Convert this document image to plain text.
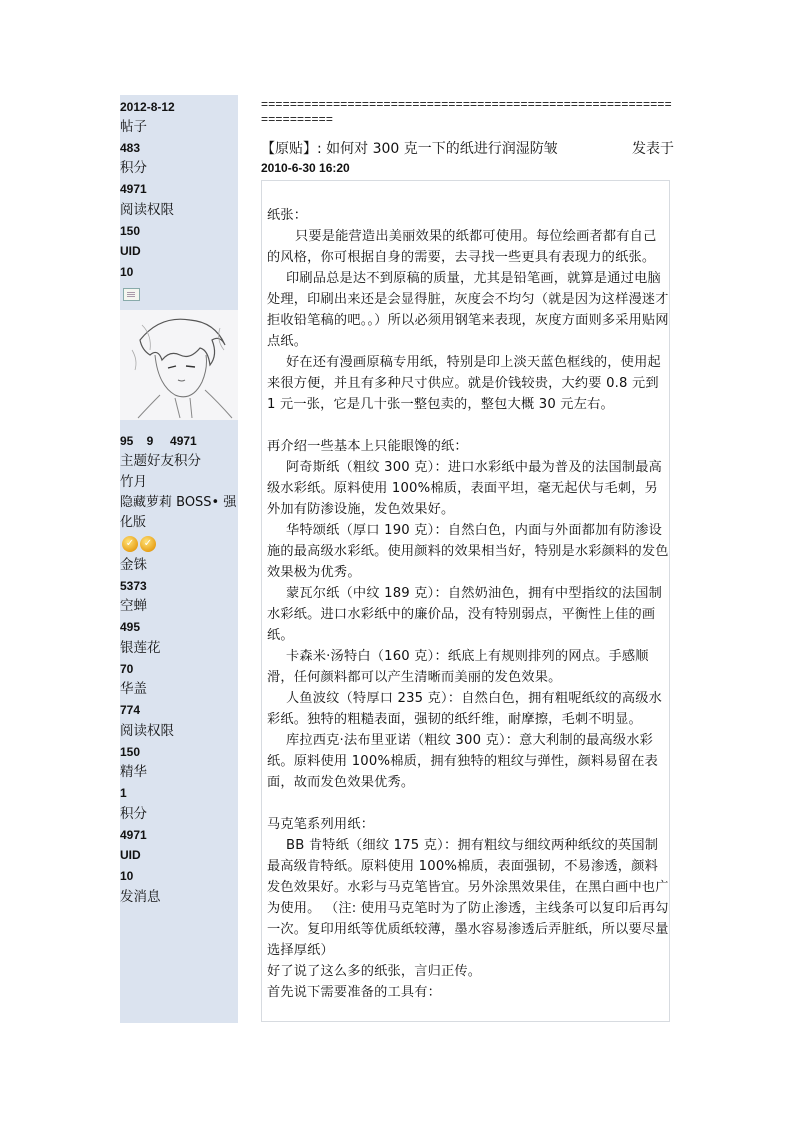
2012-8-12
帖子
483
积分
4971
阅读权限
150
UID
10
95    9     4971
主题好友积分
竹月
隐藏萝莉 BOSS• 强化版
✓ ✓
金铢
5373
空蝉
495
银莲花
70
华盖
774
阅读权限
150
精华
1
积分
4971
UID
10
发消息
===================================================================
【原贴】: 如何对 300 克一下的纸进行润湿防皱	发表于
2010-6-30 16:20

纸张：

只要是能营造出美丽效果的纸都可使用。每位绘画者都有自己的风格，你可根据自身的需要，去寻找一些更具有表现力的纸张。

印刷品总是达不到原稿的质量，尤其是铅笔画，就算是通过电脑处理，印刷出来还是会显得脏，灰度会不均匀（就是因为这样漫迷才拒收铅笔稿的吧。。）所以必须用钢笔来表现，灰度方面则多采用贴网点纸。

好在还有漫画原稿专用纸，特别是印上淡天蓝色框线的，使用起来很方便，并且有多种尺寸供应。就是价钱较贵，大约要 0.8 元到 1 元一张，它是几十张一整包卖的，整包大概 30 元左右。

再介绍一些基本上只能眼馋的纸：

阿奇斯纸（粗纹 300 克）：进口水彩纸中最为普及的法国制最高级水彩纸。原料使用 100%棉质，表面平坦，毫无起伏与毛刺，另外加有防渗设施，发色效果好。

华特颂纸（厚口 190 克）：自然白色，内面与外面都加有防渗设施的最高级水彩纸。使用颜料的效果相当好，特别是水彩颜料的发色效果极为优秀。

蒙瓦尔纸（中纹 189 克）：自然奶油色，拥有中型指纹的法国制水彩纸。进口水彩纸中的廉价品，没有特别弱点，平衡性上佳的画纸。

卡森米·汤特白（160 克）：纸底上有规则排列的网点。手感顺滑，任何颜料都可以产生清晰而美丽的发色效果。

人鱼波纹（特厚口 235 克）：自然白色，拥有粗呢纸纹的高级水彩纸。独特的粗糙表面，强韧的纸纤维，耐摩擦，毛刺不明显。

库拉西克·法布里亚诺（粗纹 300 克）：意大利制的最高级水彩纸。原料使用 100%棉质，拥有独特的粗纹与弹性，颜料易留在表面，故而发色效果优秀。

马克笔系列用纸：

BB 肯特纸（细纹 175 克）：拥有粗纹与细纹两种纸纹的英国制最高级肯特纸。原料使用 100%棉质，表面强韧，不易渗透，颜料发色效果好。水彩与马克笔皆宜。另外涂黑效果佳，在黑白画中也广为使用。 （注: 使用马克笔时为了防止渗透，主线条可以复印后再勾一次。复印用纸等优质纸较薄，墨水容易渗透后弄脏纸，所以要尽量选择厚纸）

好了说了这么多的纸张，言归正传。

首先说下需要准备的工具有：
